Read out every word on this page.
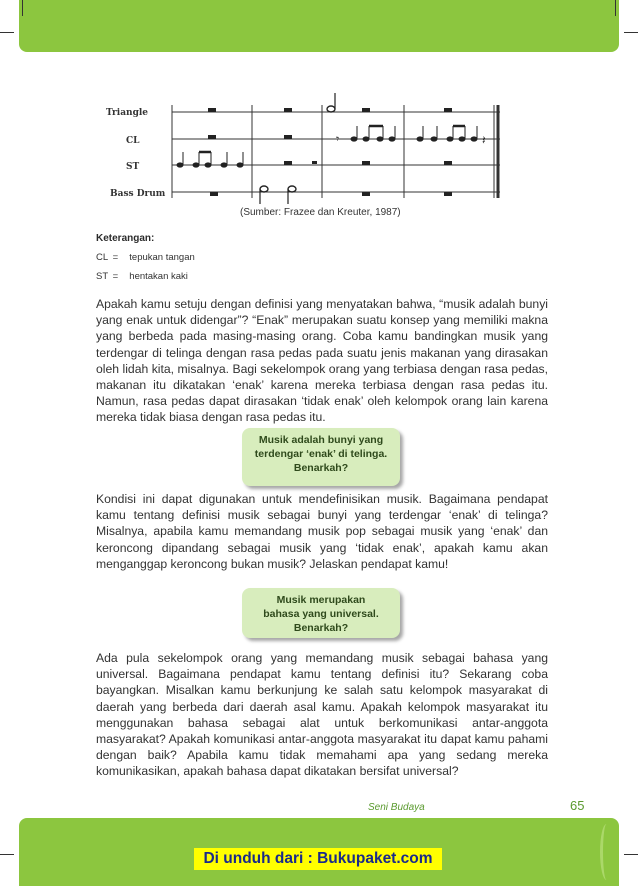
Triangle
CL
ST
Bass Drum
𝄾	𝄽
(Sumber: Frazee dan Kreuter, 1987)
Keterangan:
CL = tepukan tangan
ST = hentakan kaki
Apakah kamu setuju dengan definisi yang menyatakan bahwa, “musik adalah bunyi yang enak untuk didengar”? “Enak” merupakan suatu konsep yang memiliki makna yang berbeda pada masing-masing orang. Coba kamu bandingkan musik yang terdengar di telinga dengan rasa pedas pada suatu jenis makanan yang dirasakan oleh lidah kita, misalnya. Bagi sekelompok orang yang terbiasa dengan rasa pedas, makanan itu dikatakan ‘enak’ karena mereka terbiasa dengan rasa pedas itu. Namun, rasa pedas dapat dirasakan ‘tidak enak’ oleh kelompok orang lain karena mereka tidak biasa dengan rasa pedas itu.
Musik adalah bunyi yang
terdengar ‘enak’ di telinga.
Benarkah?
Kondisi ini dapat digunakan untuk mendefinisikan musik. Bagaimana pendapat kamu tentang definisi musik sebagai bunyi yang terdengar ‘enak’ di telinga? Misalnya, apabila kamu memandang musik pop sebagai musik yang ‘enak’ dan keroncong dipandang sebagai musik yang ‘tidak enak’, apakah kamu akan menganggap keroncong bukan musik? Jelaskan pendapat kamu!
Musik merupakan
bahasa yang universal.
Benarkah?
Ada pula sekelompok orang yang memandang musik sebagai bahasa yang universal. Bagaimana pendapat kamu tentang definisi itu? Sekarang coba bayangkan. Misalkan kamu berkunjung ke salah satu kelompok masyarakat di daerah yang berbeda dari daerah asal kamu. Apakah kelompok masyarakat itu menggunakan bahasa sebagai alat untuk berkomunikasi antar-anggota masyarakat? Apakah komunikasi antar-anggota masyarakat itu dapat kamu pahami dengan baik? Apabila kamu tidak memahami apa yang sedang mereka komunikasikan, apakah bahasa dapat dikatakan bersifat universal?
Seni Budaya	65
Di unduh dari : Bukupaket.com
